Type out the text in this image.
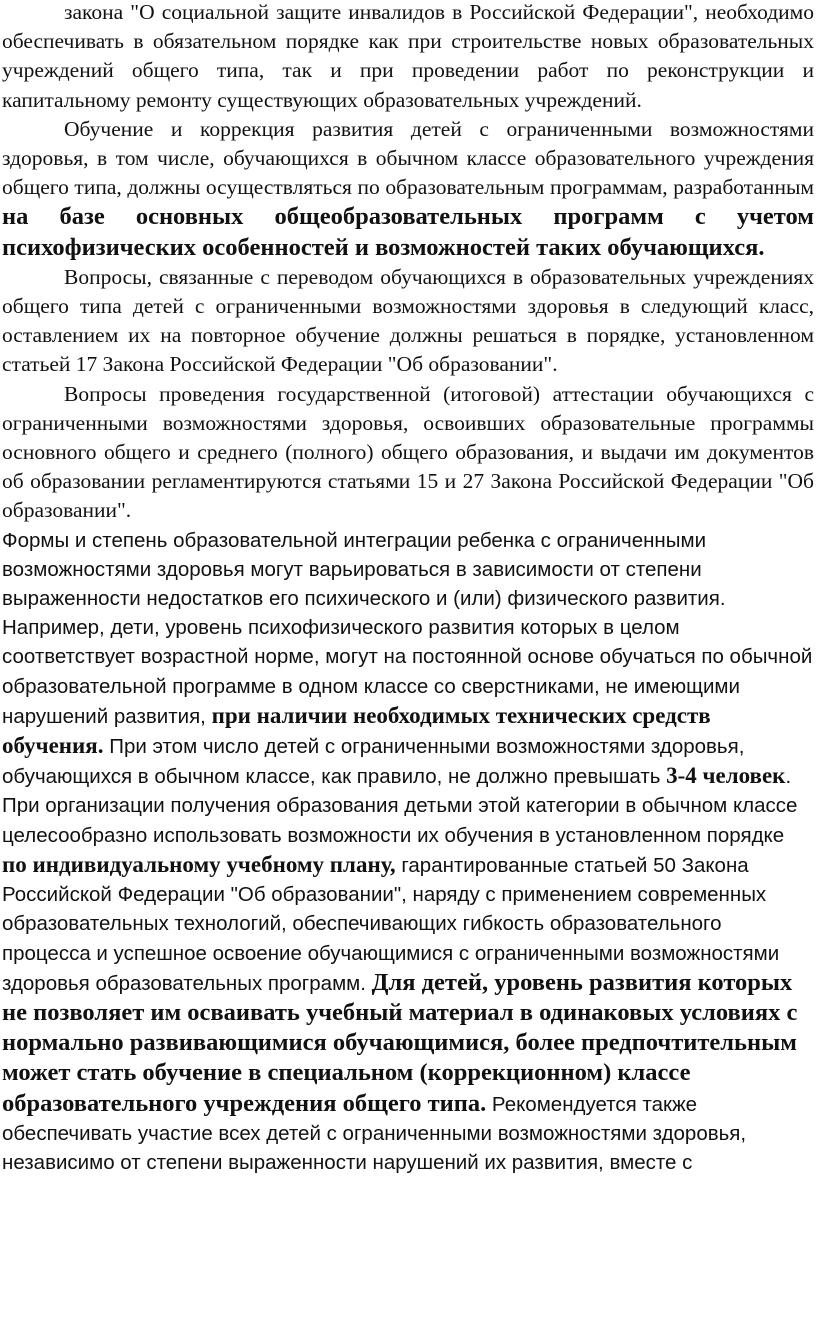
закона "О социальной защите инвалидов в Российской Федерации", необходимо обеспечивать в обязательном порядке как при строительстве новых образовательных учреждений общего типа, так и при проведении работ по реконструкции и капитальному ремонту существующих образовательных учреждений.

Обучение и коррекция развития детей с ограниченными возможностями здоровья, в том числе, обучающихся в обычном классе образовательного учреждения общего типа, должны осуществляться по образовательным программам, разработанным на базе основных общеобразовательных программ с учетом психофизических особенностей и возможностей таких обучающихся.

Вопросы, связанные с переводом обучающихся в образовательных учреждениях общего типа детей с ограниченными возможностями здоровья в следующий класс, оставлением их на повторное обучение должны решаться в порядке, установленном статьей 17 Закона Российской Федерации "Об образовании".

Вопросы проведения государственной (итоговой) аттестации обучающихся с ограниченными возможностями здоровья, освоивших образовательные программы основного общего и среднего (полного) общего образования, и выдачи им документов об образовании регламентируются статьями 15 и 27 Закона Российской Федерации "Об образовании".

Формы и степень образовательной интеграции ребенка с ограниченными возможностями здоровья могут варьироваться в зависимости от степени выраженности недостатков его психического и (или) физического развития. Например, дети, уровень психофизического развития которых в целом соответствует возрастной норме, могут на постоянной основе обучаться по обычной образовательной программе в одном классе со сверстниками, не имеющими нарушений развития, при наличии необходимых технических средств обучения. При этом число детей с ограниченными возможностями здоровья, обучающихся в обычном классе, как правило, не должно превышать 3-4 человек. При организации получения образования детьми этой категории в обычном классе целесообразно использовать возможности их обучения в установленном порядке по индивидуальному учебному плану, гарантированные статьей 50 Закона Российской Федерации "Об образовании", наряду с применением современных образовательных технологий, обеспечивающих гибкость образовательного процесса и успешное освоение обучающимися с ограниченными возможностями здоровья образовательных программ. Для детей, уровень развития которых не позволяет им осваивать учебный материал в одинаковых условиях с нормально развивающимися обучающимися, более предпочтительным может стать обучение в специальном (коррекционном) классе образовательного учреждения общего типа. Рекомендуется также обеспечивать участие всех детей с ограниченными возможностями здоровья, независимо от степени выраженности нарушений их развития, вместе с
